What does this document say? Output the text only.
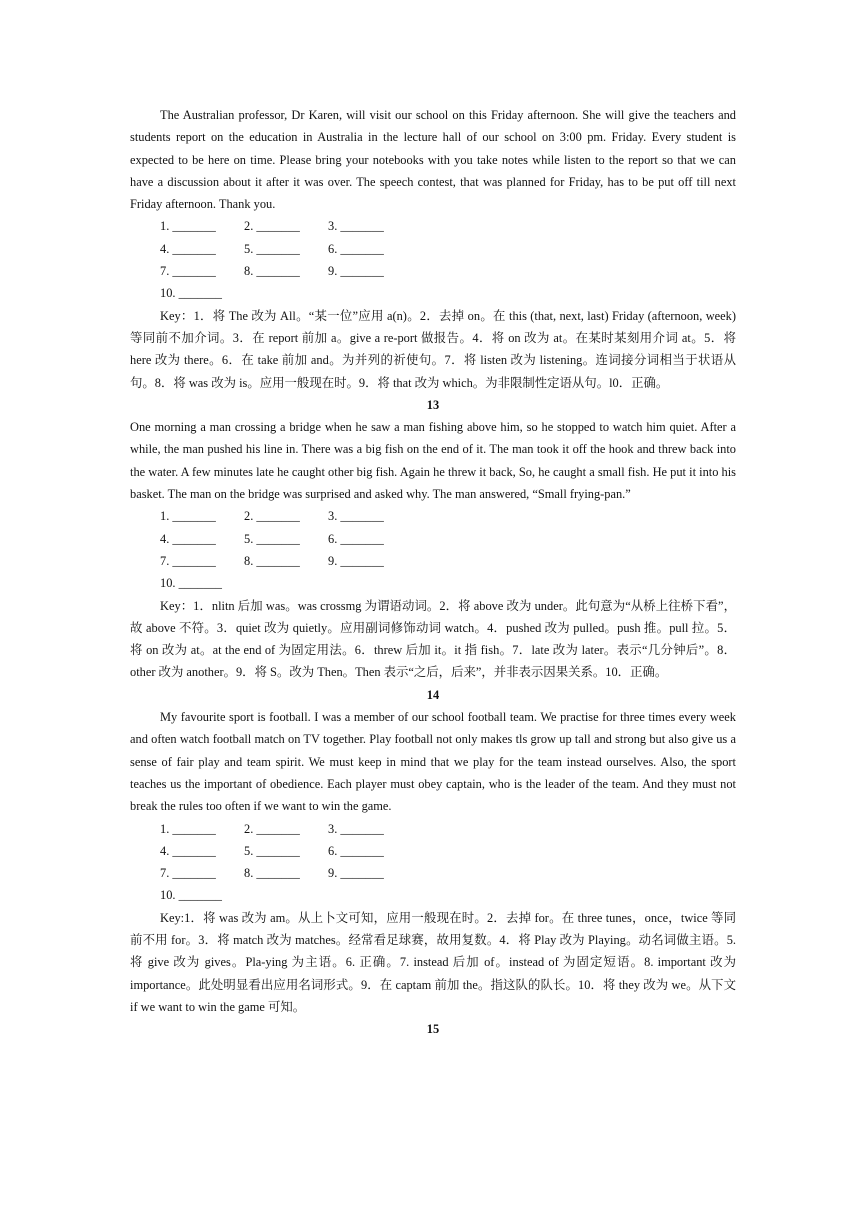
The Australian professor, Dr Karen, will visit our school on this Friday afternoon. She will give the teachers and students report on the education in Australia in the lecture hall of our school on 3:00 pm. Friday. Every student is expected to be here on time. Please bring your notebooks with you take notes while listen to the report so that we can have a discussion about it after it was over. The speech contest, that was planned for Friday, has to be put off till next Friday afternoon. Thank you.

1. _______	2. _______	3. _______
4. _______	5. _______	6. _______
7. _______	8. _______	9. _______
10. _______

Key：1．将 The 改为 All。“某一位”应用 a(n)。2．去掉 on。在 this (that, next, last) Friday (afternoon, week)等同前不加介词。3．在 report 前加 a。give a re-port 做报告。4．将 on 改为 at。在某时某刻用介词 at。5．将 here 改为 there。6．在 take 前加 and。为并列的祈使句。7．将 listen 改为 listening。连词接分词相当于状语从句。8．将 was 改为 is。应用一般现在时。9．将 that 改为 which。为非限制性定语从句。l0．正确。

13

One morning a man crossing a bridge when he saw a man fishing above him, so he stopped to watch him quiet. After a while, the man pushed his line in. There was a big fish on the end of it. The man took it off the hook and threw back into the water. A few minutes late he caught other big fish. Again he threw it back, So, he caught a small fish. He put it into his basket. The man on the bridge was surprised and asked why. The man answered, “Small frying-pan.”

1. _______	2. _______	3. _______
4. _______	5. _______	6. _______
7. _______	8. _______	9. _______
10. _______

Key：1．nlitn 后加 was。was crossmg 为谓语动词。2．将 above 改为 under。此句意为“从桥上往桥下看”，故 above 不符。3．quiet 改为 quietly。应用副词修饰动词 watch。4．pushed 改为 pulled。push 推。pull 拉。5．将 on 改为 at。at the end of 为固定用法。6．threw 后加 it。it 指 fish。7．late 改为 later。表示“几分钟后”。8．other 改为 another。9．将 S。改为 Then。Then 表示“之后，后来”，并非表示因果关系。10．正确。

14

My favourite sport is football. I was a member of our school football team. We practise for three times every week and often watch football match on TV together. Play football not only makes tls grow up tall and strong but also give us a sense of fair play and team spirit. We must keep in mind that we play for the team instead ourselves. Also, the sport teaches us the important of obedience. Each player must obey captain, who is the leader of the team. And they must not break the rules too often if we want to win the game.

1. _______	2. _______	3. _______
4. _______	5. _______	6. _______
7. _______	8. _______	9. _______
10. _______

Key:1．将 was 改为 am。从上卜文可知，应用一般现在时。2．去掉 for。在 three tunes，once，twice 等同前不用 for。3．将 match 改为 matches。经常看足球赛，故用复数。4．将 Play 改为 Playing。动名词做主语。5. 将 give 改为 gives。Pla-ying 为主语。6. 正确。7. instead 后加 of。instead of 为固定短语。8. important 改为 importance。此处明显看出应用名词形式。9．在 captam 前加 the。指这队的队长。10．将 they 改为 we。从下文 if we want to win the game 可知。

15
